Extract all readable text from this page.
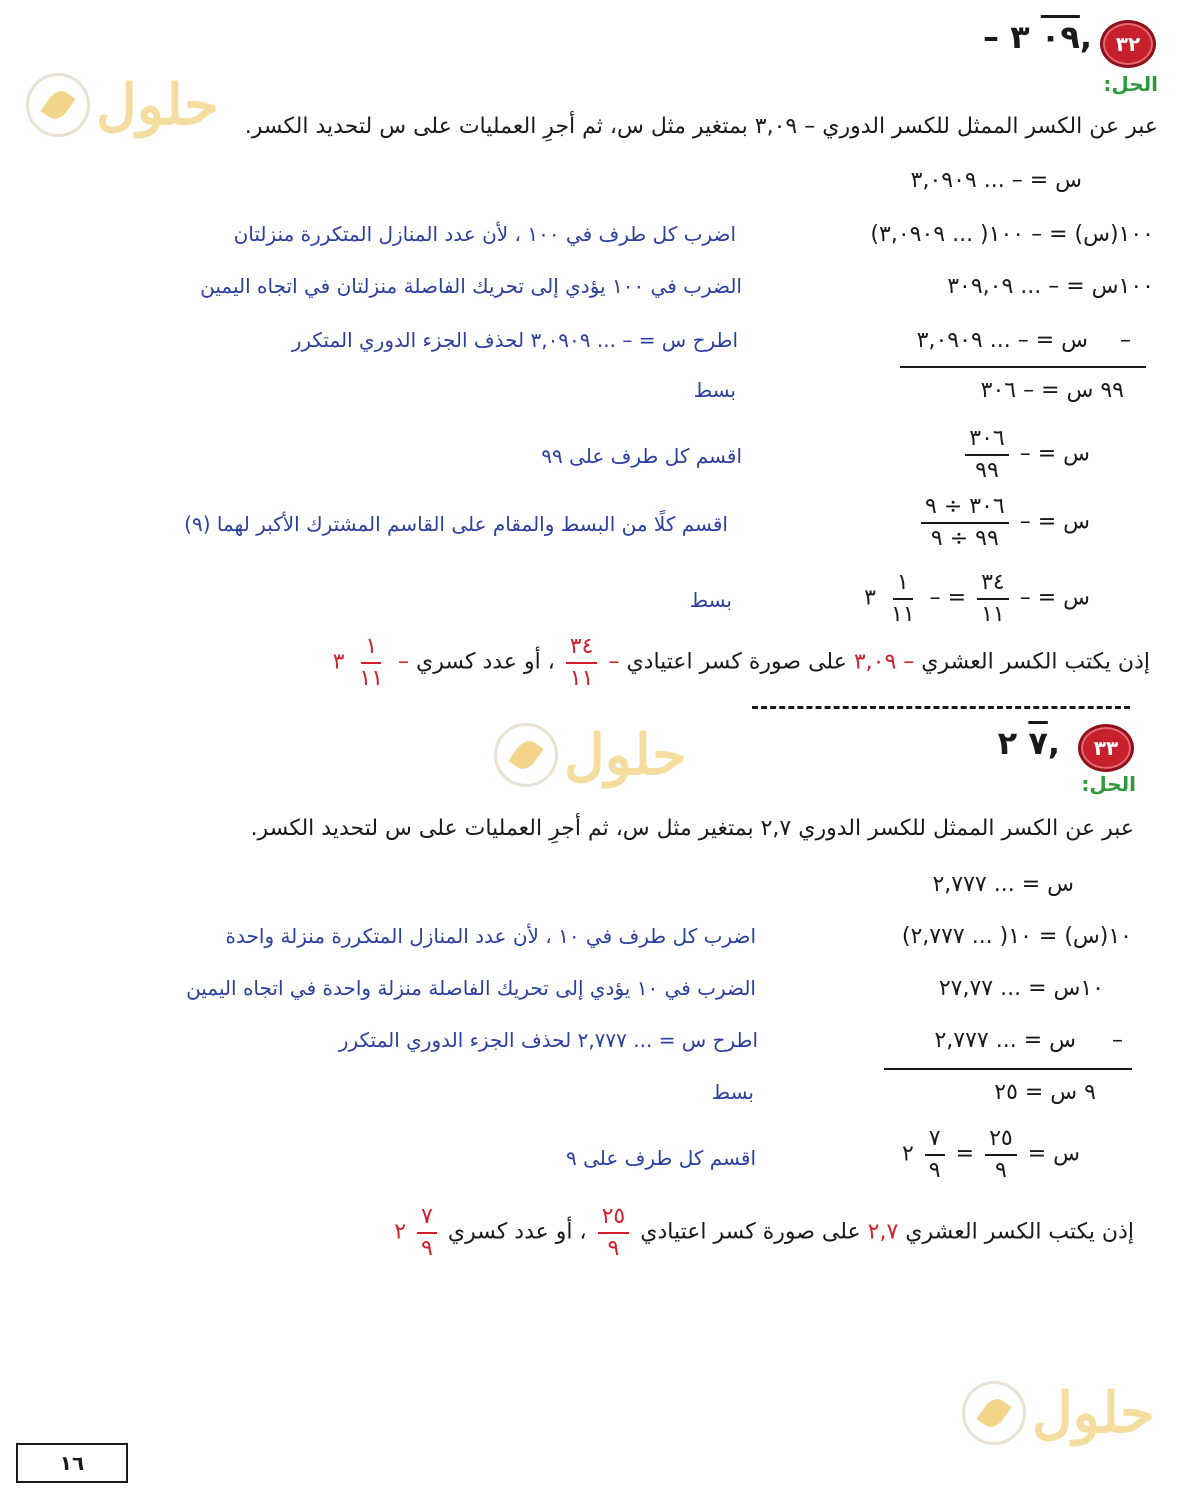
حلول
حلول
حلول
٣٢
– ٠٩ ٣,
الحل:
عبر عن الكسر الممثل للكسر الدوري – ٣,٠٩ بمتغير مثل س، ثم أجرِ العمليات على س لتحديد الكسر.
س = – ... ٣,٠٩٠٩
١٠٠(س) = – ١٠٠( ... ٣,٠٩٠٩)
اضرب كل طرف في ١٠٠ ، لأن عدد المنازل المتكررة منزلتان
١٠٠س = – ... ٣٠٩,٠٩
الضرب في ١٠٠ يؤدي إلى تحريك الفاصلة منزلتان في اتجاه اليمين
س = – ... ٣,٠٩٠٩ –
اطرح س = – ... ٣,٠٩٠٩ لحذف الجزء الدوري المتكرر
٩٩ س = – ٣٠٦
بسط
س = –
$\frac{٣٠٦}{٩٩}$
اقسم كل طرف على ٩٩
س = –
$\frac{٣٠٦ \div ٩}{٩٩ \div ٩}$
اقسم كلًا من البسط والمقام على القاسم المشترك الأكبر لهما (٩)
س = –
$\frac{٣٤}{١١}$
= –
$\frac{١}{١١}$
٣
بسط
إذن يكتب الكسر العشري – ٣,٠٩ على صورة كسر اعتيادي –
$\frac{٣٤}{١١}$
، أو عدد كسري –
$\frac{١}{١١}$
٣
٣٣
٧ ٢,
الحل:
عبر عن الكسر الممثل للكسر الدوري ٢,٧ بمتغير مثل س، ثم أجرِ العمليات على س لتحديد الكسر.
س = ... ٢,٧٧٧
١٠(س) = ١٠( ... ٢,٧٧٧)
اضرب كل طرف في ١٠ ، لأن عدد المنازل المتكررة منزلة واحدة
١٠س = ... ٢٧,٧٧
الضرب في ١٠ يؤدي إلى تحريك الفاصلة منزلة واحدة في اتجاه اليمين
س = ... ٢,٧٧٧ –
اطرح س = ... ٢,٧٧٧ لحذف الجزء الدوري المتكرر
٩ س = ٢٥
بسط
س =
$\frac{٢٥}{٩}$
=
$\frac{٧}{٩}$
٢
اقسم كل طرف على ٩
إذن يكتب الكسر العشري ٢,٧ على صورة كسر اعتيادي
$\frac{٢٥}{٩}$
، أو عدد كسري
$\frac{٧}{٩}$
٢
١٦
